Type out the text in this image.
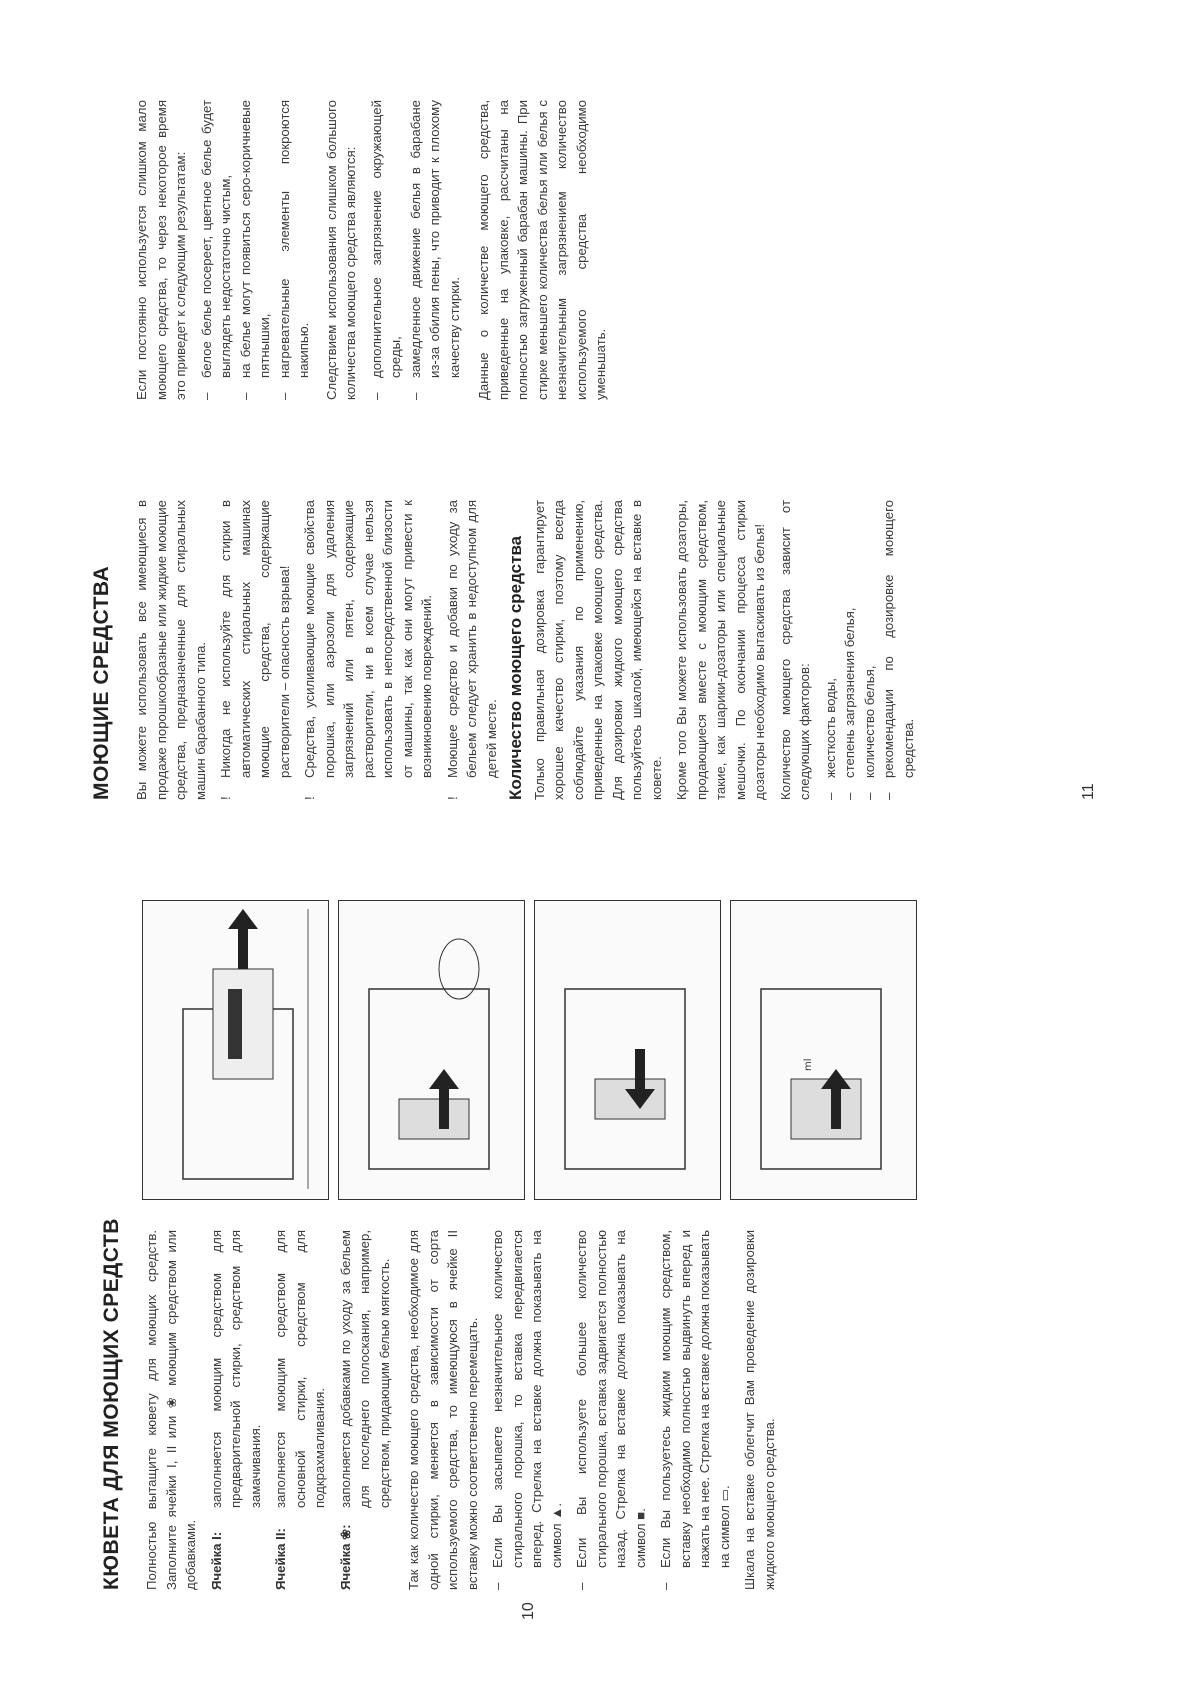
КЮВЕТА ДЛЯ МОЮЩИХ СРЕДСТВ Полностью вытащите кювету для моющих средств. Заполните ячейки I, II или ❀ моющим средством или добавками. Ячейка I:
заполняется моющим средством для предварительной стирки, средством для замачивания.
Ячейка II:
заполняется моющим средством для основной стирки, средством для подкрахмаливания.
Ячейка ❀:
заполняется добавками по уходу за бельем для последнего полоскания, например, средством, придающим белью мягкость. Так как количество моющего средства, необходимое для одной стирки, меняется в зависимости от сорта используемого средства, то имеющуюся в ячейке II вставку можно соответственно перемещать. –
Если Вы засыпаете незначительное количество стирального порошка, то вставка передвигается вперед. Стрелка на вставке должна показывать на символ ▲.
–
Если Вы используете большее количество стирального порошка, вставка задвигается полностью назад. Стрелка на вставке должна показывать на символ ■.
–
Если Вы пользуетесь жидким моющим средством, вставку необходимо полностью выдвинуть вперед и нажать на нее. Стрелка на вставке должна показывать на символ ▭. Шкала на вставке облегчит Вам проведение дозировки жидкого моющего средства.

ml
10
МОЮЩИЕ СРЕДСТВА Вы можете использовать все имеющиеся в продаже порошкообразные или жидкие моющие средства, предназначенные для стиральных машин барабанного типа. !
Никогда не используйте для стирки в автоматических стиральных машинах моющие средства, содержащие растворители – опасность взрыва!
!
Средства, усиливающие моющие свойства порошка, или аэрозоли для удаления загрязнений или пятен, содержащие растворители, ни в коем случае нельзя использовать в непосредственной близости от машины, так как они могут привести к возникновению повреждений.
!
Моющее средство и добавки по уходу за бельем следует хранить в недоступном для детей месте. Количество моющего средства Только правильная дозировка гарантирует хорошее качество стирки, поэтому всегда соблюдайте указания по применению, приведенные на упаковке моющего средства. Для дозировки жидкого моющего средства пользуйтесь шкалой, имеющейся на вставке в ковете. Кроме того Вы можете использовать дозаторы, продающиеся вместе с моющим средством, такие, как шарики-дозаторы или специальные мешочки. По окончании процесса стирки дозаторы необходимо вытаскивать из белья! Количество моющего средства зависит от следующих факторов: –
жесткость воды,
–
степень загрязнения белья,
–
количество белья,
–
рекомендации по дозировке моющего средства.

Если постоянно используется слишком мало моющего средства, то через некоторое время это приведет к следующим результатам: –
белое белье посереет, цветное белье будет выглядеть недостаточно чистым,
–
на белье могут появиться серо-коричневые пятнышки,
–
нагревательные элементы покроются накипью. Следствием использования слишком большого количества моющего средства являются: –
дополнительное загрязнение окружающей среды,
–
замедленное движение белья в барабане из-за обилия пены, что приводит к плохому качеству стирки. Данные о количестве моющего средства, приведенные на упаковке, рассчитаны на полностью загруженный барабан машины. При стирке меньшего количества белья или белья с незначительным загрязнением количество используемого средства необходимо уменьшать.

11
